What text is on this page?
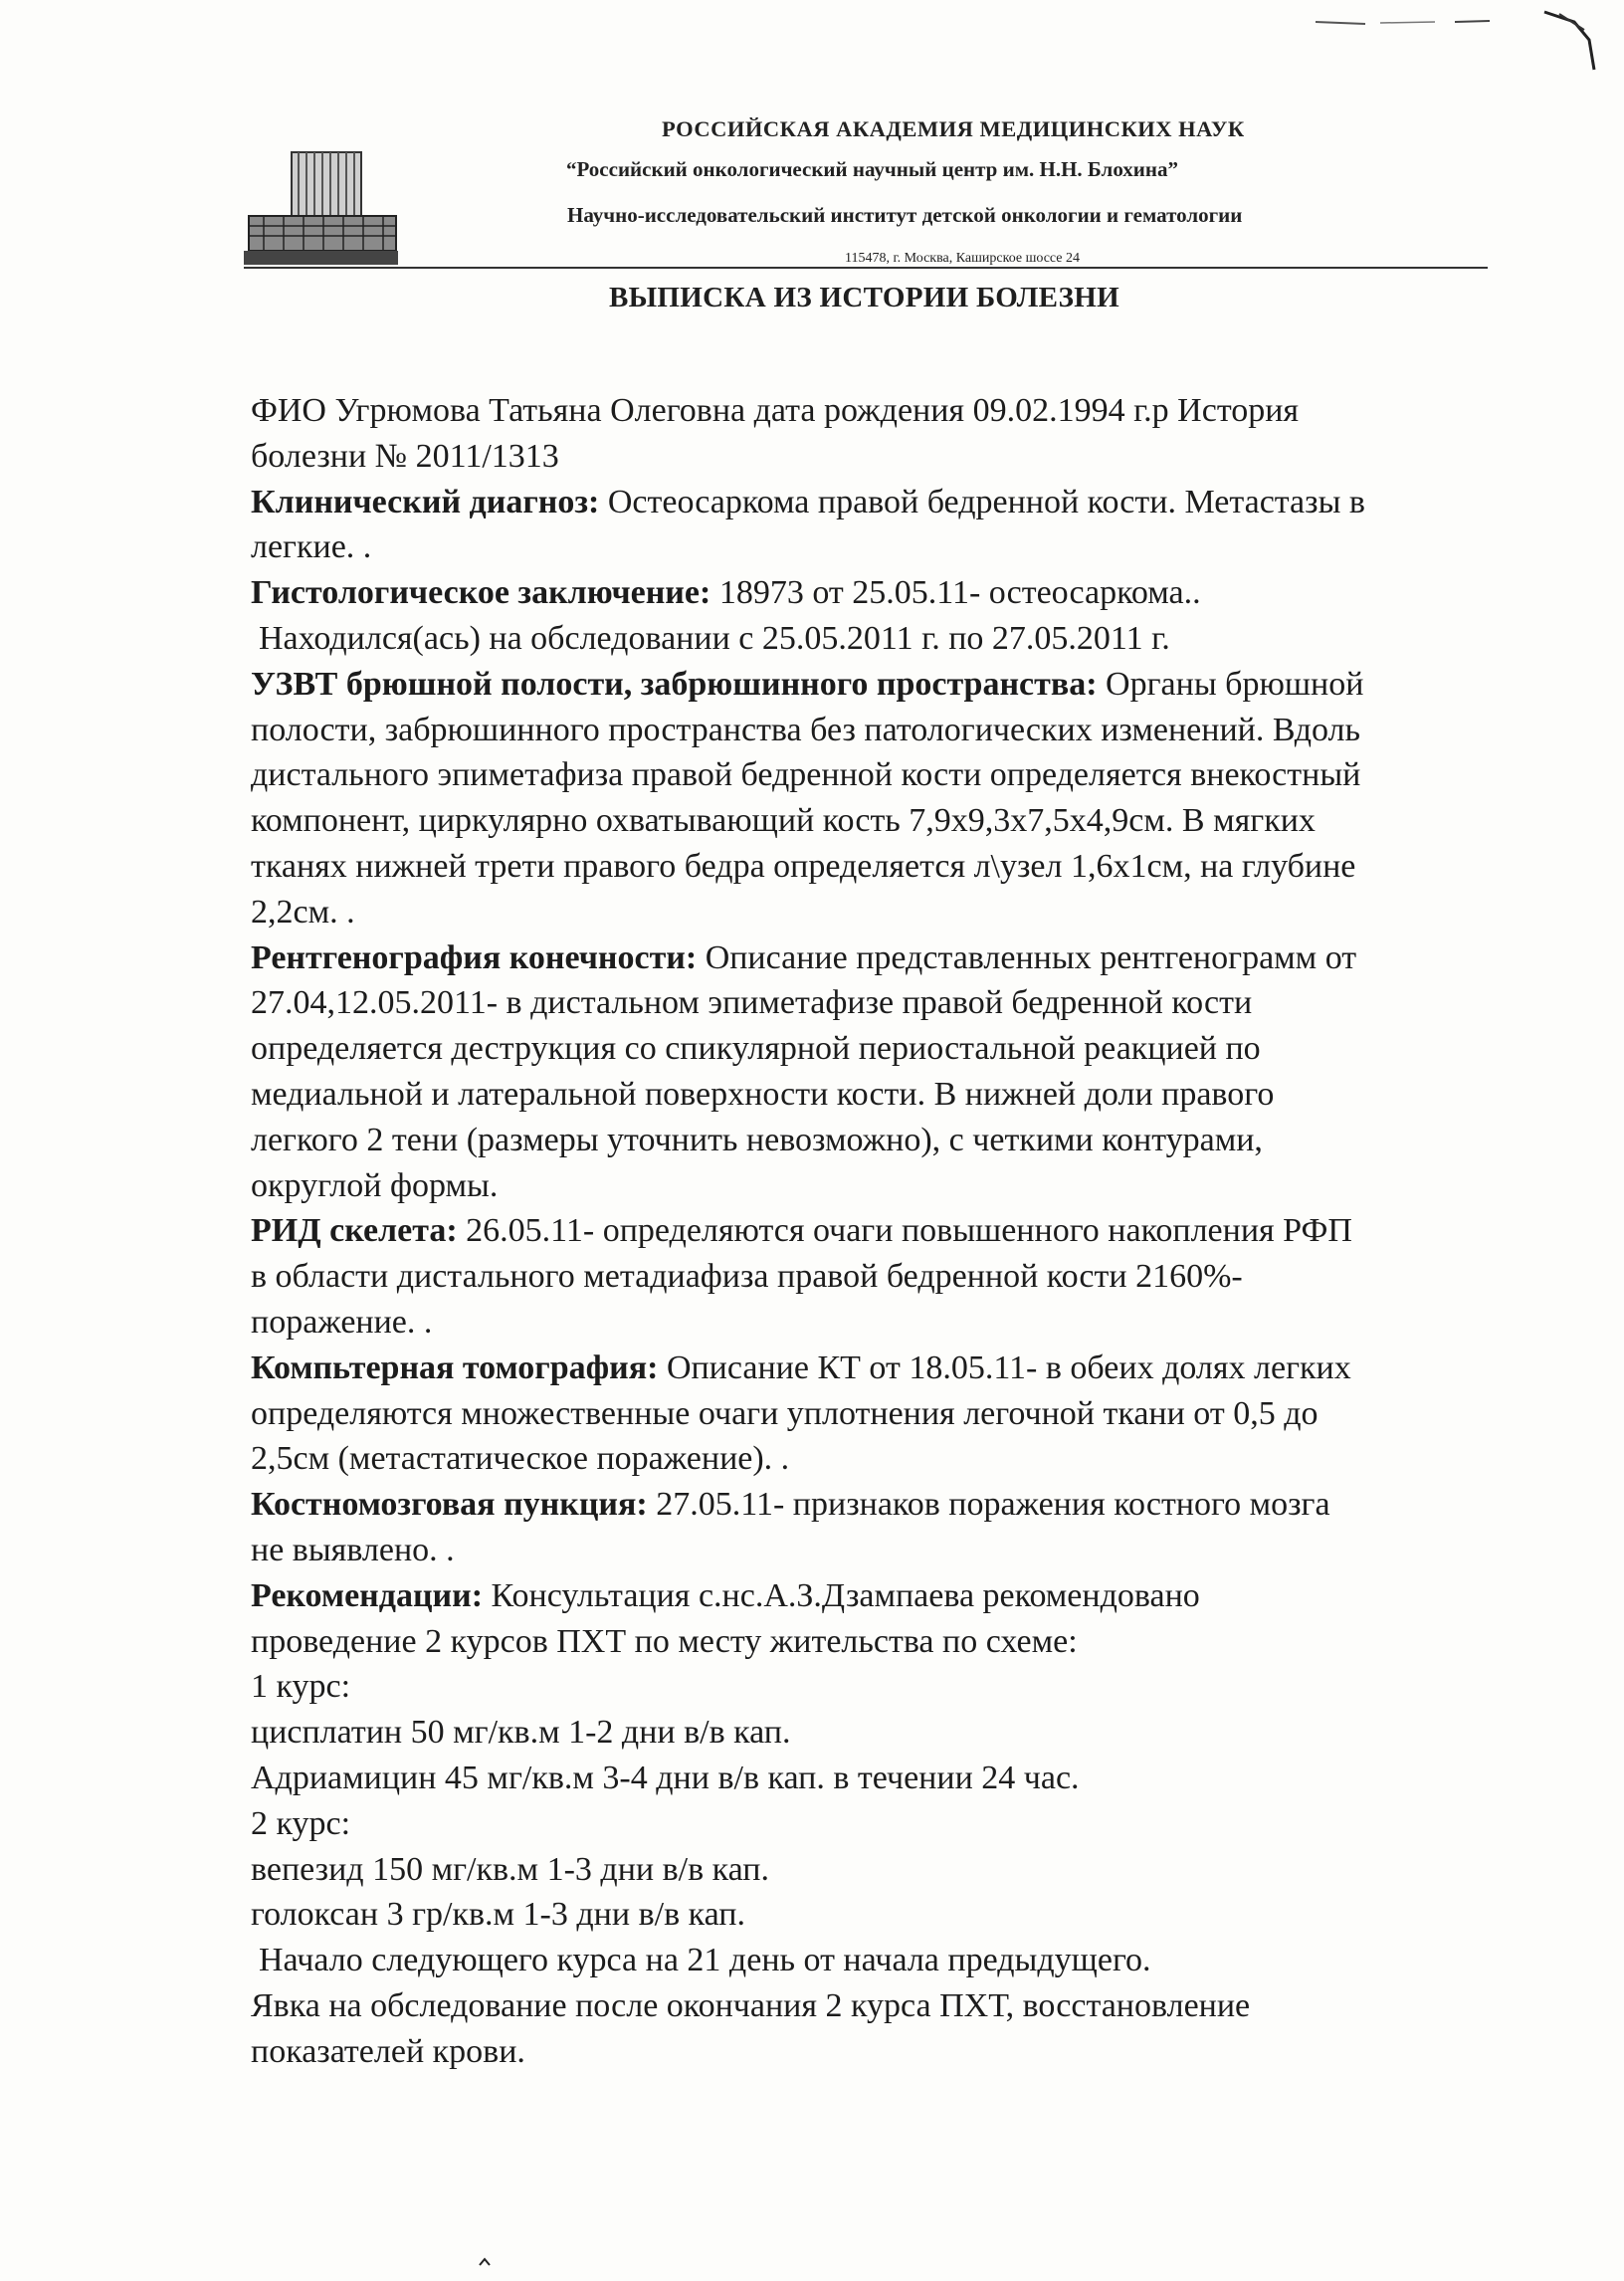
РОССИЙСКАЯ АКАДЕМИЯ МЕДИЦИНСКИХ НАУК
“Российский онкологический научный центр им. Н.Н. Блохина”
Научно-исследовательский институт детской онкологии и гематологии
115478, г. Москва, Каширское шоссе 24
ВЫПИСКА ИЗ ИСТОРИИ БОЛЕЗНИ

ФИО Угрюмова Татьяна Олеговна дата рождения 09.02.1994 г.р История

болезни № 2011/1313

Клинический диагноз: Остеосаркома правой бедренной кости. Метастазы в

легкие. .

Гистологическое заключение: 18973 от 25.05.11- остеосаркома..

Находился(ась) на обследовании с 25.05.2011 г. по 27.05.2011 г.

УЗВТ брюшной полости, забрюшинного пространства: Органы брюшной

полости, забрюшинного пространства без патологических изменений. Вдоль

дистального эпиметафиза правой бедренной кости определяется внекостный

компонент, циркулярно охватывающий кость 7,9х9,3х7,5х4,9см. В мягких

тканях нижней трети правого бедра определяется л\узел 1,6х1см, на глубине

2,2см. .

Рентгенография конечности: Описание представленных рентгенограмм от

27.04,12.05.2011- в дистальном эпиметафизе правой бедренной кости

определяется деструкция со спикулярной периостальной реакцией по

медиальной и латеральной поверхности кости. В нижней доли правого

легкого 2 тени (размеры уточнить невозможно), с четкими контурами,

округлой формы.

РИД скелета: 26.05.11- определяются очаги повышенного накопления РФП

в области дистального метадиафиза правой бедренной кости 2160%-

поражение. .

Компьтерная томография: Описание КТ от 18.05.11- в обеих долях легких

определяются множественные очаги уплотнения легочной ткани от 0,5 до

2,5см (метастатическое поражение). .

Костномозговая пункция: 27.05.11- признаков поражения костного мозга

не выявлено. .

Рекомендации: Консультация с.нс.А.З.Дзампаева рекомендовано

проведение 2 курсов ПХТ по месту жительства по схеме:

1 курс:

цисплатин 50 мг/кв.м 1-2 дни в/в кап.

Адриамицин 45 мг/кв.м 3-4 дни в/в кап. в течении 24 час.

2 курс:

вепезид 150 мг/кв.м 1-3 дни в/в кап.

голоксан 3 гр/кв.м 1-3 дни в/в кап.

Начало следующего курса на 21 день от начала предыдущего.

Явка на обследование после окончания 2 курса ПХТ, восстановление

показателей крови.
